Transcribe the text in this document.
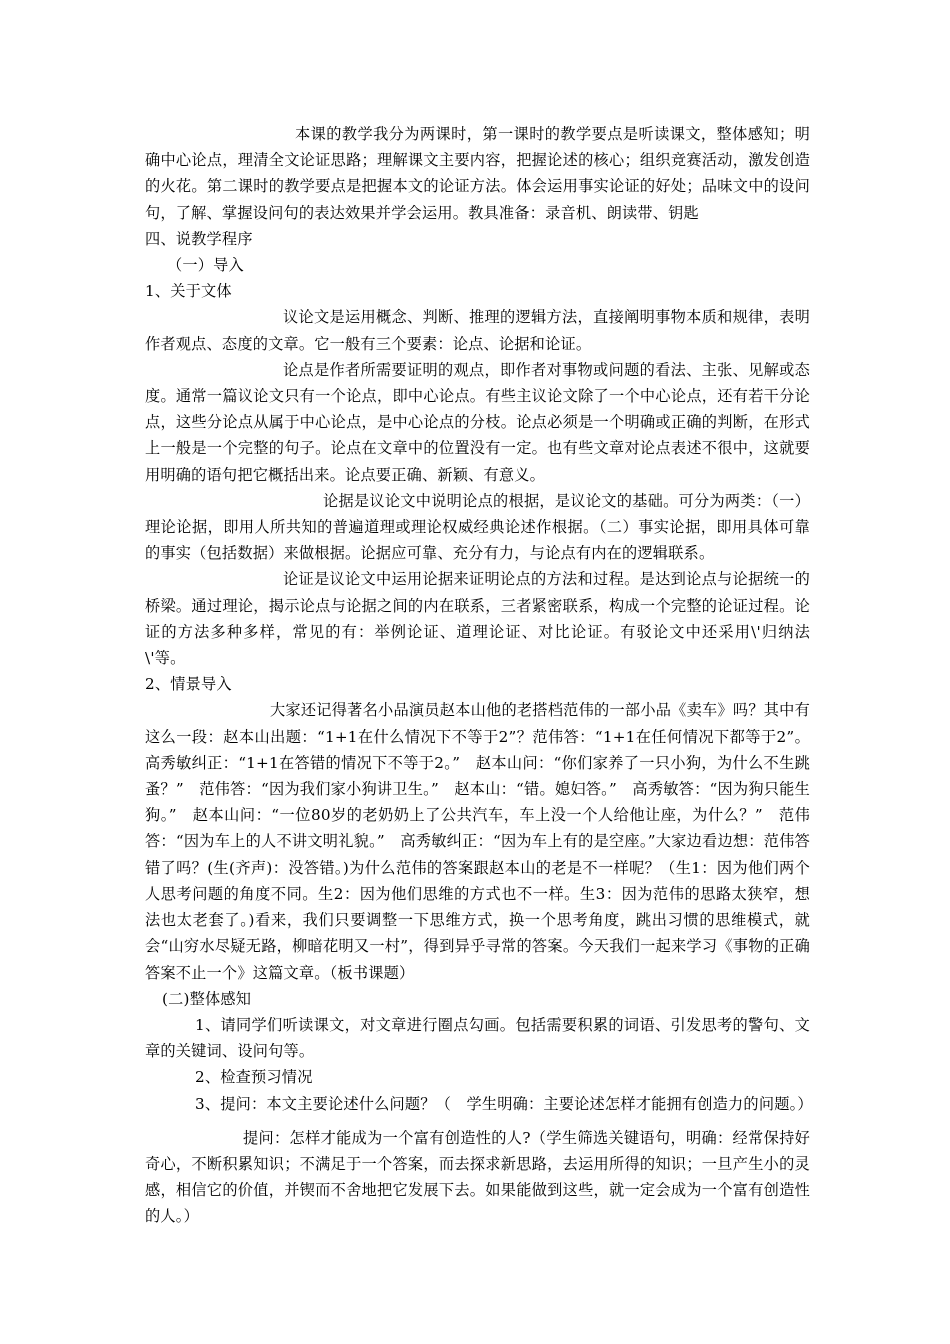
本课的教学我分为两课时，第一课时的教学要点是听读课文，整体感知；明确中心论点，理清全文论证思路；理解课文主要内容，把握论述的核心；组织竞赛活动，激发创造的火花。第二课时的教学要点是把握本文的论证方法。体会运用事实论证的好处；品味文中的设问句，了解、掌握设问句的表达效果并学会运用。教具准备：录音机、朗读带、钥匙

四、说教学程序

（一）导入

1、关于文体

议论文是运用概念、判断、推理的逻辑方法，直接阐明事物本质和规律，表明作者观点、态度的文章。它一般有三个要素：论点、论据和论证。

论点是作者所需要证明的观点，即作者对事物或问题的看法、主张、见解或态度。通常一篇议论文只有一个论点，即中心论点。有些主议论文除了一个中心论点，还有若干分论点，这些分论点从属于中心论点，是中心论点的分枝。论点必须是一个明确或正确的判断，在形式上一般是一个完整的句子。论点在文章中的位置没有一定。也有些文章对论点表述不很中，这就要用明确的语句把它概括出来。论点要正确、新颖、有意义。

论据是议论文中说明论点的根据，是议论文的基础。可分为两类：（一）理论论据，即用人所共知的普遍道理或理论权威经典论述作根据。（二）事实论据，即用具体可靠的事实（包括数据）来做根据。论据应可靠、充分有力，与论点有内在的逻辑联系。

论证是议论文中运用论据来证明论点的方法和过程。是达到论点与论据统一的桥梁。通过理论，揭示论点与论据之间的内在联系，三者紧密联系，构成一个完整的论证过程。论证的方法多种多样，常见的有：举例论证、道理论证、对比论证。有驳论文中还采用\'归纳法\'等。

2、情景导入

大家还记得著名小品演员赵本山他的老搭档范伟的一部小品《卖车》吗？其中有这么一段：赵本山出题：“1+1在什么情况下不等于2”？范伟答：“1+1在任何情况下都等于2”。高秀敏纠正：“1+1在答错的情况下不等于2。”　赵本山问：“你们家养了一只小狗，为什么不生跳蚤？”　范伟答：“因为我们家小狗讲卫生。”　赵本山：“错。媳妇答。”　高秀敏答：“因为狗只能生狗。”　赵本山问：“一位80岁的老奶奶上了公共汽车，车上没一个人给他让座，为什么？”　范伟答：“因为车上的人不讲文明礼貌。”　高秀敏纠正：“因为车上有的是空座。”大家边看边想：范伟答错了吗？(生(齐声)：没答错。)为什么范伟的答案跟赵本山的老是不一样呢？（生1：因为他们两个人思考问题的角度不同。生2：因为他们思维的方式也不一样。生3：因为范伟的思路太狭窄，想法也太老套了。)看来，我们只要调整一下思维方式，换一个思考角度，跳出习惯的思维模式，就会“山穷水尽疑无路，柳暗花明又一村”，得到异乎寻常的答案。今天我们一起来学习《事物的正确答案不止一个》这篇文章。（板书课题）

(二)整体感知

1、请同学们听读课文，对文章进行圈点勾画。包括需要积累的词语、引发思考的警句、文章的关键词、设问句等。

2、检查预习情况

3、提问：本文主要论述什么问题？（　学生明确：主要论述怎样才能拥有创造力的问题。）

提问：怎样才能成为一个富有创造性的人?（学生筛选关键语句，明确：经常保持好奇心，不断积累知识；不满足于一个答案，而去探求新思路，去运用所得的知识；一旦产生小的灵感，相信它的价值，并锲而不舍地把它发展下去。如果能做到这些，就一定会成为一个富有创造性的人。）
